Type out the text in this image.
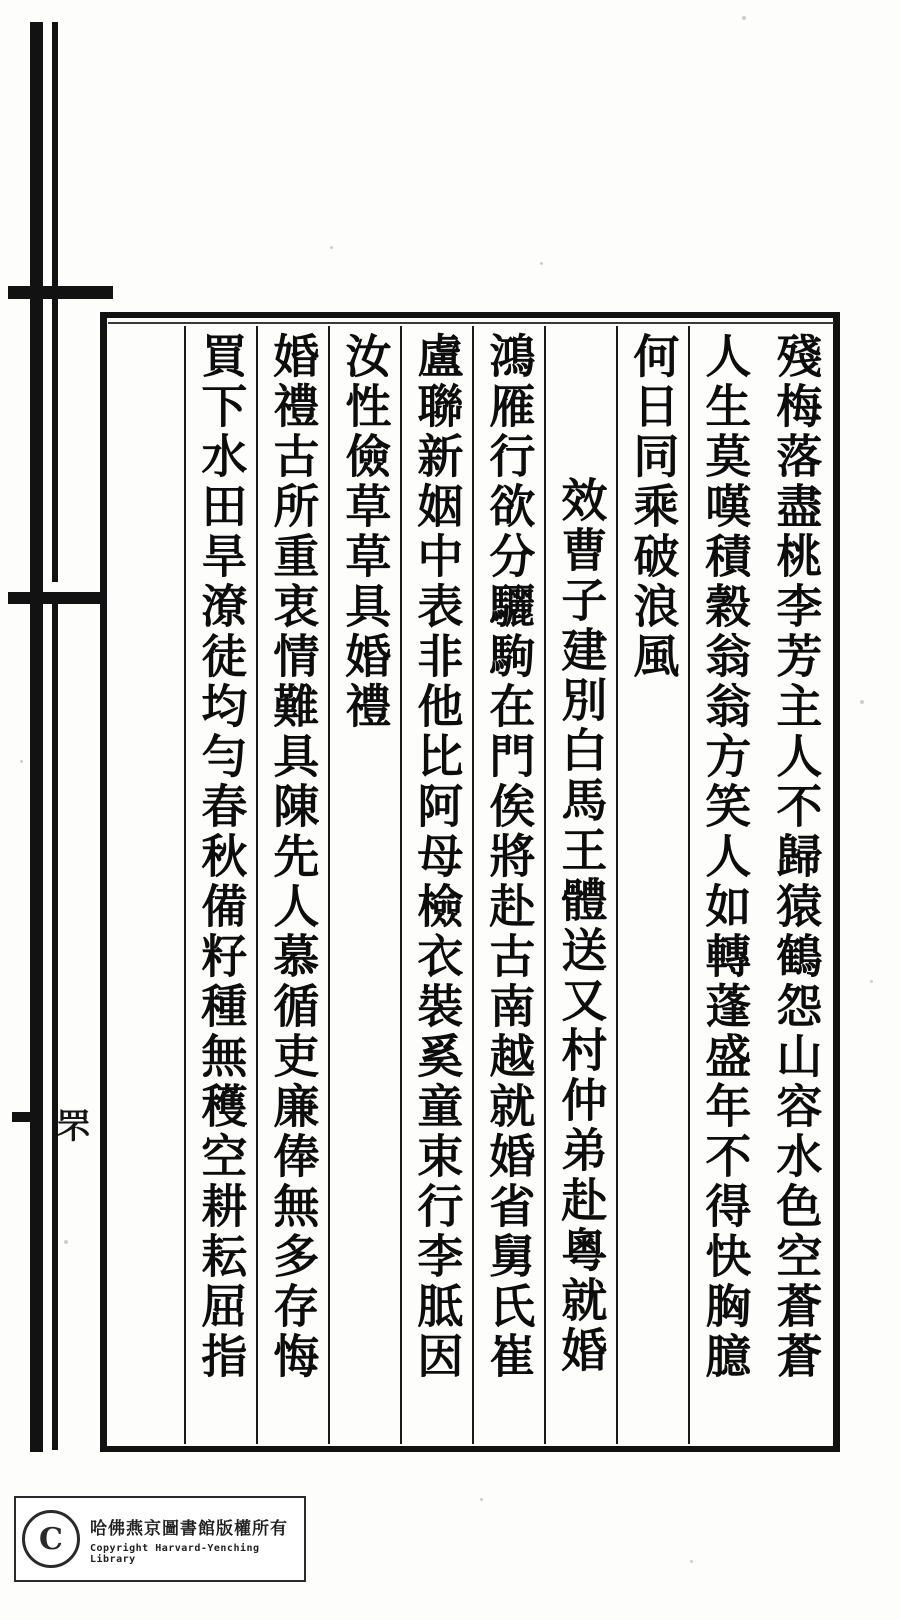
殘梅落盡桃李芳主人不歸猿鶴怨山容水色空蒼蒼
人生莫嘆積穀翁翁方笑人如轉蓬盛年不得快胸臆
何日同乘破浪風
效曹子建別白馬王體送又村仲弟赴粵就婚
鴻雁行欲分驪駒在門俟將赴古南越就婚省舅氏崔
盧聯新姻中表非他比阿母檢衣裝奚童束行李胝因
汝性儉草草具婚禮
婚禮古所重衷情難具陳先人慕循吏廉俸無多存悔
買下水田旱潦徒均勻春秋備籽種無穫空耕耘屈指
罘
C	哈佛燕京圖書館版權所有
Copyright Harvard-Yenching Library
